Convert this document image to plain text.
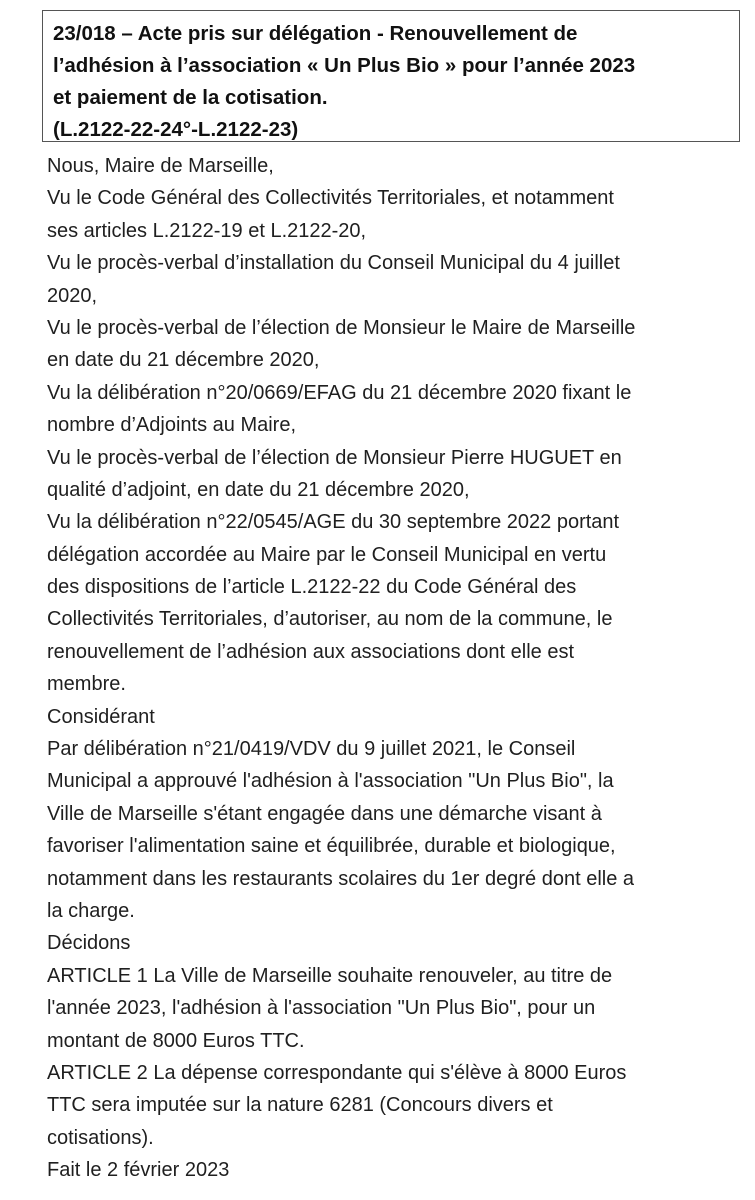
23/018 – Acte pris sur délégation - Renouvellement de
l’adhésion à l’association « Un Plus Bio » pour l’année 2023
et paiement de la cotisation.
(L.2122-22-24°-L.2122-23)
Nous, Maire de Marseille,
Vu le Code Général des Collectivités Territoriales, et notamment
ses articles L.2122-19 et L.2122-20,
Vu le procès-verbal d’installation du Conseil Municipal du 4 juillet
2020,
Vu le procès-verbal de l’élection de Monsieur le Maire de Marseille
en date du 21 décembre 2020,
Vu la délibération n°20/0669/EFAG du 21 décembre 2020 fixant le
nombre d’Adjoints au Maire,
Vu le procès-verbal de l’élection de Monsieur Pierre HUGUET en
qualité d’adjoint, en date du 21 décembre 2020,
Vu la délibération n°22/0545/AGE du 30 septembre 2022 portant
délégation accordée au Maire par le Conseil Municipal en vertu
des dispositions de l’article L.2122-22 du Code Général des
Collectivités Territoriales, d’autoriser, au nom de la commune, le
renouvellement de l’adhésion aux associations dont elle est
membre.
Considérant
Par délibération n°21/0419/VDV du 9 juillet 2021, le Conseil
Municipal a approuvé l'adhésion à l'association "Un Plus Bio", la
Ville de Marseille s'étant engagée dans une démarche visant à
favoriser l'alimentation saine et équilibrée, durable et biologique,
notamment dans les restaurants scolaires du 1er degré dont elle a
la charge.
Décidons
ARTICLE 1 La Ville de Marseille souhaite renouveler, au titre de
l'année 2023, l'adhésion à l'association "Un Plus Bio", pour un
montant de 8000 Euros TTC.
ARTICLE 2 La dépense correspondante qui s'élève à 8000 Euros
TTC sera imputée sur la nature 6281 (Concours divers et
cotisations).
Fait le 2 février 2023
